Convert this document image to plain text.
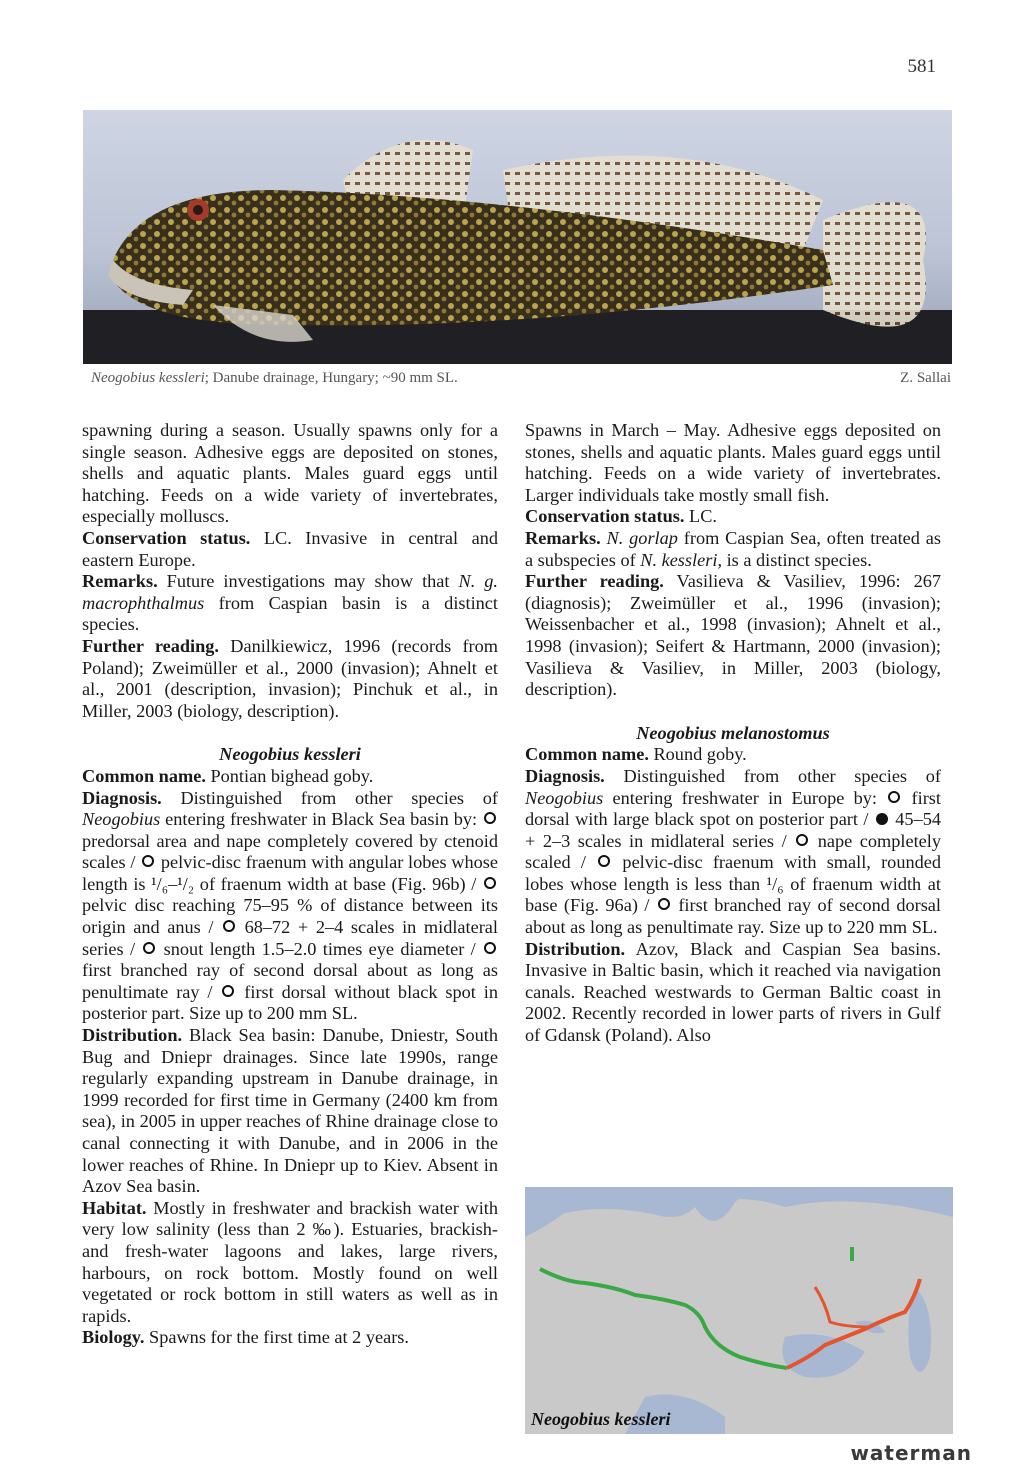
581
Neogobius kessleri; Danube drainage, Hungary; ~90 mm SL.	Z. Sallai

spawning during a season. Usually spawns only for a single season. Adhesive eggs are deposited on stones, shells and aquatic plants. Males guard eggs until hatching. Feeds on a wide variety of invertebrates, especially molluscs.

Conservation status. LC. Invasive in central and eastern Europe.

Remarks. Future investigations may show that N. g. macrophthalmus from Caspian basin is a distinct species.

Further reading. Danilkiewicz, 1996 (records from Poland); Zweimüller et al., 2000 (invasion); Ahnelt et al., 2001 (description, invasion); Pinchuk et al., in Miller, 2003 (biology, description).

Neogobius kessleri

Common name. Pontian bighead goby.

Diagnosis. Distinguished from other species of Neogobius entering freshwater in Black Sea basin by:  predorsal area and nape completely covered by ctenoid scales /  pelvic-disc fraenum with angular lobes whose length is ¹/₆–¹/₂ of fraenum width at base (Fig. 96b) /  pelvic disc reaching 75–95 % of distance between its origin and anus /  68–72 + 2–4 scales in midlateral series /  snout length 1.5–2.0 times eye diameter /  first branched ray of second dorsal about as long as penultimate ray /  first dorsal without black spot in posterior part. Size up to 200 mm SL.

Distribution. Black Sea basin: Danube, Dniestr, South Bug and Dniepr drainages. Since late 1990s, range regularly expanding upstream in Danube drainage, in 1999 recorded for first time in Germany (2400 km from sea), in 2005 in upper reaches of Rhine drainage close to canal connecting it with Danube, and in 2006 in the lower reaches of Rhine. In Dniepr up to Kiev. Absent in Azov Sea basin.

Habitat. Mostly in freshwater and brackish water with very low salinity (less than 2 ‰). Estuaries, brackish- and fresh-water lagoons and lakes, large rivers, harbours, on rock bottom. Mostly found on well vegetated or rock bottom in still waters as well as in rapids.

Biology. Spawns for the first time at 2 years.

Spawns in March – May. Adhesive eggs deposited on stones, shells and aquatic plants. Males guard eggs until hatching. Feeds on a wide variety of invertebrates. Larger individuals take mostly small fish.

Conservation status. LC.

Remarks. N. gorlap from Caspian Sea, often treated as a subspecies of N. kessleri, is a distinct species.

Further reading. Vasilieva & Vasiliev, 1996: 267 (diagnosis); Zweimüller et al., 1996 (invasion); Weissenbacher et al., 1998 (invasion); Ahnelt et al., 1998 (invasion); Seifert & Hartmann, 2000 (invasion); Vasilieva & Vasiliev, in Miller, 2003 (biology, description).

Neogobius melanostomus

Common name. Round goby.

Diagnosis. Distinguished from other species of Neogobius entering freshwater in Europe by:  first dorsal with large black spot on posterior part /  45–54 + 2–3 scales in midlateral series /  nape completely scaled /  pelvic-disc fraenum with small, rounded lobes whose length is less than ¹/₆ of fraenum width at base (Fig. 96a) /  first branched ray of second dorsal about as long as penultimate ray. Size up to 220 mm SL.

Distribution. Azov, Black and Caspian Sea basins. Invasive in Baltic basin, which it reached via navigation canals. Reached westwards to German Baltic coast in 2002. Recently recorded in lower parts of rivers in Gulf of Gdansk (Poland). Also

Neogobius kessleri
waterman
